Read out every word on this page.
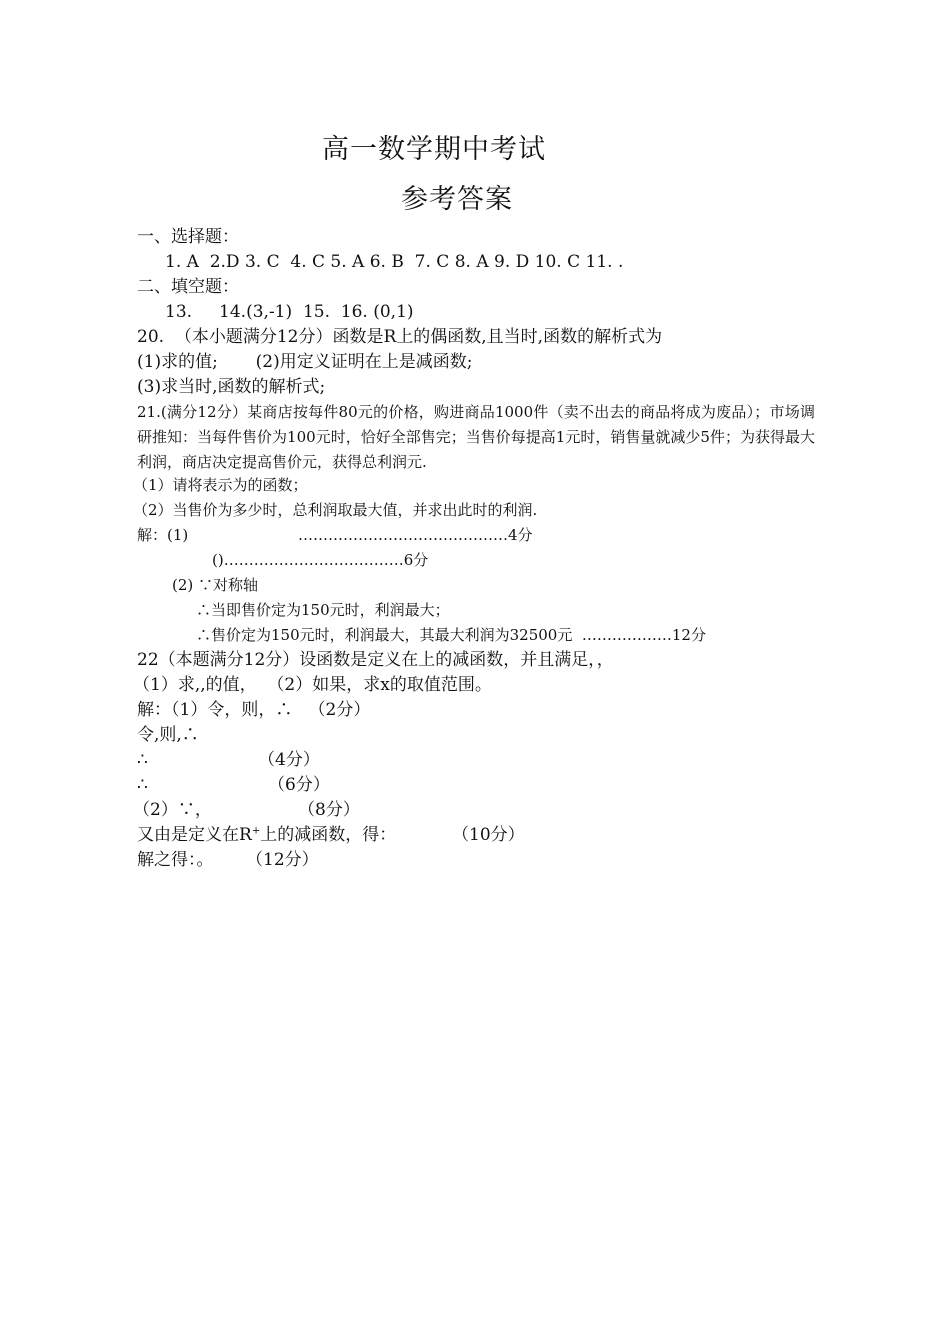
高一数学期中考试
参考答案
一、选择题：
1. A  2.D 3. C  4. C 5. A 6. B  7. C 8. A 9. D 10. C 11. .
二、填空题：
13.     14.(3,-1)  15.  16. (0,1)
20.  （本小题满分12分）函数是R上的偶函数,且当时,函数的解析式为
(1)求的值;       (2)用定义证明在上是减函数;
(3)求当时,函数的解析式;
21.(满分12分）某商店按每件80元的价格，购进商品1000件（卖不出去的商品将成为废品）；市场调研推知：当每件售价为100元时，恰好全部售完；当售价每提高1元时，销售量就减少5件；为获得最大利润，商店决定提高售价元，获得总利润元.
（1）请将表示为的函数；
（2）当售价为多少时，总利润取最大值，并求出此时的利润.
解：(1)	……………………………………4分
()………………………………6分
(2) ∵对称轴
∴当即售价定为150元时，利润最大；
∴售价定为150元时，利润最大，其最大利润为32500元  ………………12分
22（本题满分12分）设函数是定义在上的减函数，并且满足，，
（1）求,,的值，  （2）如果，求x的取值范围。
解：（1）令，则，∴   （2分）
令,则,∴
∴	（4分）
∴	（6分）
（2）∵，	（8分）
又由是定义在R+上的减函数，得：	（10分）
解之得：。 （12分）
